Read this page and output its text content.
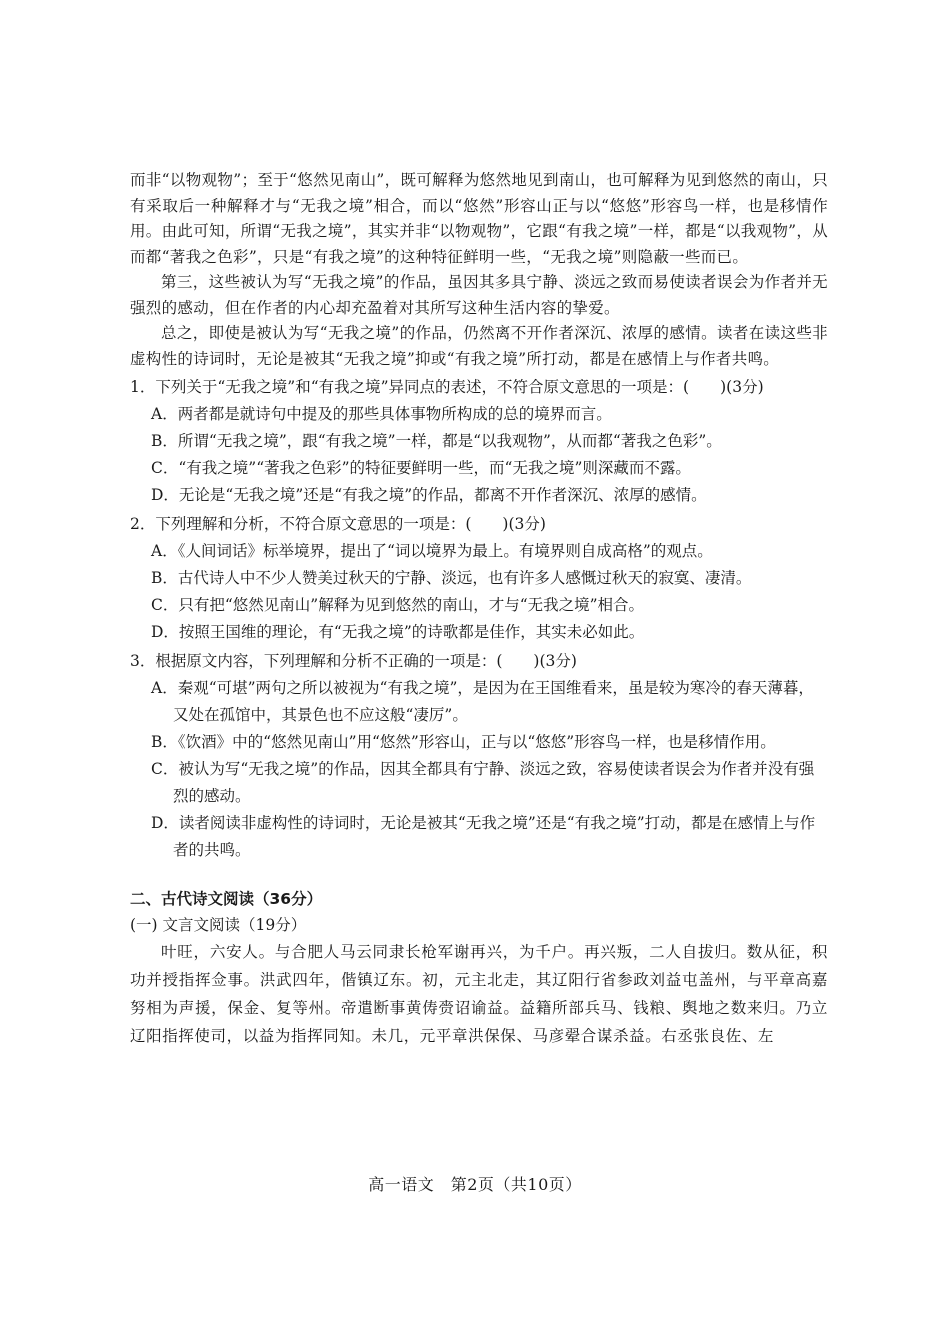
而非“以物观物”；至于“悠然见南山”，既可解释为悠然地见到南山，也可解释为见到悠然的南山，只有采取后一种解释才与“无我之境”相合，而以“悠然”形容山正与以“悠悠”形容鸟一样，也是移情作用。由此可知，所谓“无我之境”，其实并非“以物观物”，它跟“有我之境”一样，都是“以我观物”，从而都“著我之色彩”，只是“有我之境”的这种特征鲜明一些，“无我之境”则隐蔽一些而已。

第三，这些被认为写“无我之境”的作品，虽因其多具宁静、淡远之致而易使读者误会为作者并无强烈的感动，但在作者的内心却充盈着对其所写这种生活内容的挚爱。

总之，即使是被认为写“无我之境”的作品，仍然离不开作者深沉、浓厚的感情。读者在读这些非虚构性的诗词时，无论是被其“无我之境”抑或“有我之境”所打动，都是在感情上与作者共鸣。

1．下列关于“无我之境”和“有我之境”异同点的表述，不符合原文意思的一项是：(　　)(3分)

A．两者都是就诗句中提及的那些具体事物所构成的总的境界而言。
B．所谓“无我之境”，跟“有我之境”一样，都是“以我观物”，从而都“著我之色彩”。
C．“有我之境”“著我之色彩”的特征要鲜明一些，而“无我之境”则深藏而不露。
D．无论是“无我之境”还是“有我之境”的作品，都离不开作者深沉、浓厚的感情。

2．下列理解和分析，不符合原文意思的一项是：(　　)(3分)

A．《人间词话》标举境界，提出了“词以境界为最上。有境界则自成高格”的观点。
B．古代诗人中不少人赞美过秋天的宁静、淡远，也有许多人感慨过秋天的寂寞、凄清。
C．只有把“悠然见南山”解释为见到悠然的南山，才与“无我之境”相合。
D．按照王国维的理论，有“无我之境”的诗歌都是佳作，其实未必如此。

3．根据原文内容，下列理解和分析不正确的一项是：(　　)(3分)

A．秦观“可堪”两句之所以被视为“有我之境”，是因为在王国维看来，虽是较为寒冷的春天薄暮，又处在孤馆中，其景色也不应这般“凄厉”。
B．《饮酒》中的“悠然见南山”用“悠然”形容山，正与以“悠悠”形容鸟一样，也是移情作用。
C．被认为写“无我之境”的作品，因其全都具有宁静、淡远之致，容易使读者误会为作者并没有强烈的感动。
D．读者阅读非虚构性的诗词时，无论是被其“无我之境”还是“有我之境”打动，都是在感情上与作者的共鸣。

二、古代诗文阅读（36分）

(一) 文言文阅读（19分）

叶旺，六安人。与合肥人马云同隶长枪军谢再兴，为千户。再兴叛，二人自拔归。数从征，积功并授指挥佥事。洪武四年，偕镇辽东。初，元主北走，其辽阳行省参政刘益屯盖州，与平章高嘉努相为声援，保金、复等州。帝遣断事黄俦赍诏谕益。益籍所部兵马、钱粮、舆地之数来归。乃立辽阳指挥使司，以益为指挥同知。未几，元平章洪保保、马彦翚合谋杀益。右丞张良佐、左

高一语文　第2页（共10页）
